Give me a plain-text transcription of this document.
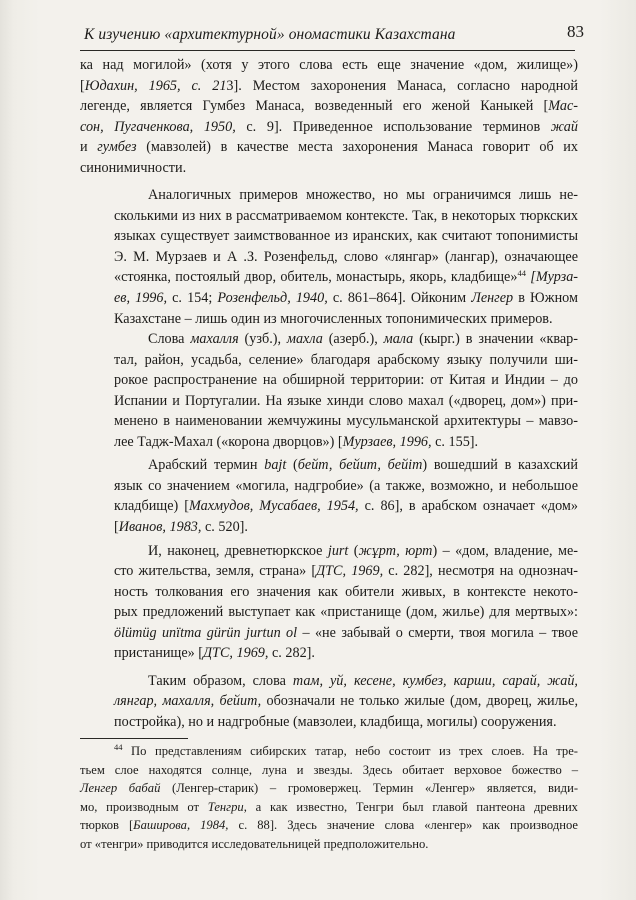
К изучению «архитектурной» ономастики Казахстана	83

ка над могилой» (хотя у этого слова есть еще значение «дом, жилище»)
[Юдахин, 1965, с. 213]. Местом захоронения Манаса, согласно народной
легенде, является Гумбез Манаса, возведенный его женой Каныкей [Мас-
сон, Пугаченкова, 1950, с. 9]. Приведенное использование терминов жай
и гумбез (мавзолей) в качестве места захоронения Манаса говорит об их
синонимичности.

Аналогичных примеров множество, но мы ограничимся лишь не-
сколькими из них в рассматриваемом контексте. Так, в некоторых тюркских
языках существует заимствованное из иранских, как считают топонимисты
Э. М. Мурзаев и А .З. Розенфельд, слово «лянгар» (лангар), означающее
«стоянка, постоялый двор, обитель, монастырь, якорь, кладбище»$^{44}$ [Мурза-
ев, 1996, с. 154; Розенфельд, 1940, с. 861–864]. Ойконим Ленгер в Южном
Казахстане – лишь один из многочисленных топонимических примеров.

Слова махалля (узб.), махла (азерб.), мала (кырг.) в значении «квар-
тал, район, усадьба, селение» благодаря арабскому языку получили ши-
рокое распространение на обширной территории: от Китая и Индии – до
Испании и Португалии. На языке хинди слово махал («дворец, дом») при-
менено в наименовании жемчужины мусульманской архитектуры – мавзо-
лее Тадж-Махал («корона дворцов») [Мурзаев, 1996, с. 155].

Арабский термин bajt (бейт, бейит, бейіт) вошедший в казахский
язык со значением «могила, надгробие» (а также, возможно, и небольшое
кладбище) [Махмудов, Мусабаев, 1954, с. 86], в арабском означает «дом»
[Иванов, 1983, с. 520].

И, наконец, древнетюркское jurt (жұрт, юрт) – «дом, владение, ме-
сто жительства, земля, страна» [ДТС, 1969, с. 282], несмотря на однознач-
ность толкования его значения как обители живых, в контексте некото-
рых предложений выступает как «пристанище (дом, жилье) для мертвых»:
ölümüg unïtma gürün jurtun ol – «не забывай о смерти, твоя могила – твое
пристанище» [ДТС, 1969, с. 282].

Таким образом, слова там, уй, кесене, кумбез, карши, сарай, жай,
лянгар, махалля, бейит, обозначали не только жилые (дом, дворец, жилье,
постройка), но и надгробные (мавзолеи, кладбища, могилы) сооружения.

$^{44}$ По представлениям сибирских татар, небо состоит из трех слоев. На тре-
тьем слое находятся солнце, луна и звезды. Здесь обитает верховое божество –
Ленгер бабай (Ленгер-старик) – громовержец. Термин «Ленгер» является, види-
мо, производным от Тенгри, а как известно, Тенгри был главой пантеона древних
тюрков [Баширова, 1984, с. 88]. Здесь значение слова «ленгер» как производное
от «тенгри» приводится исследовательницей предположительно.
